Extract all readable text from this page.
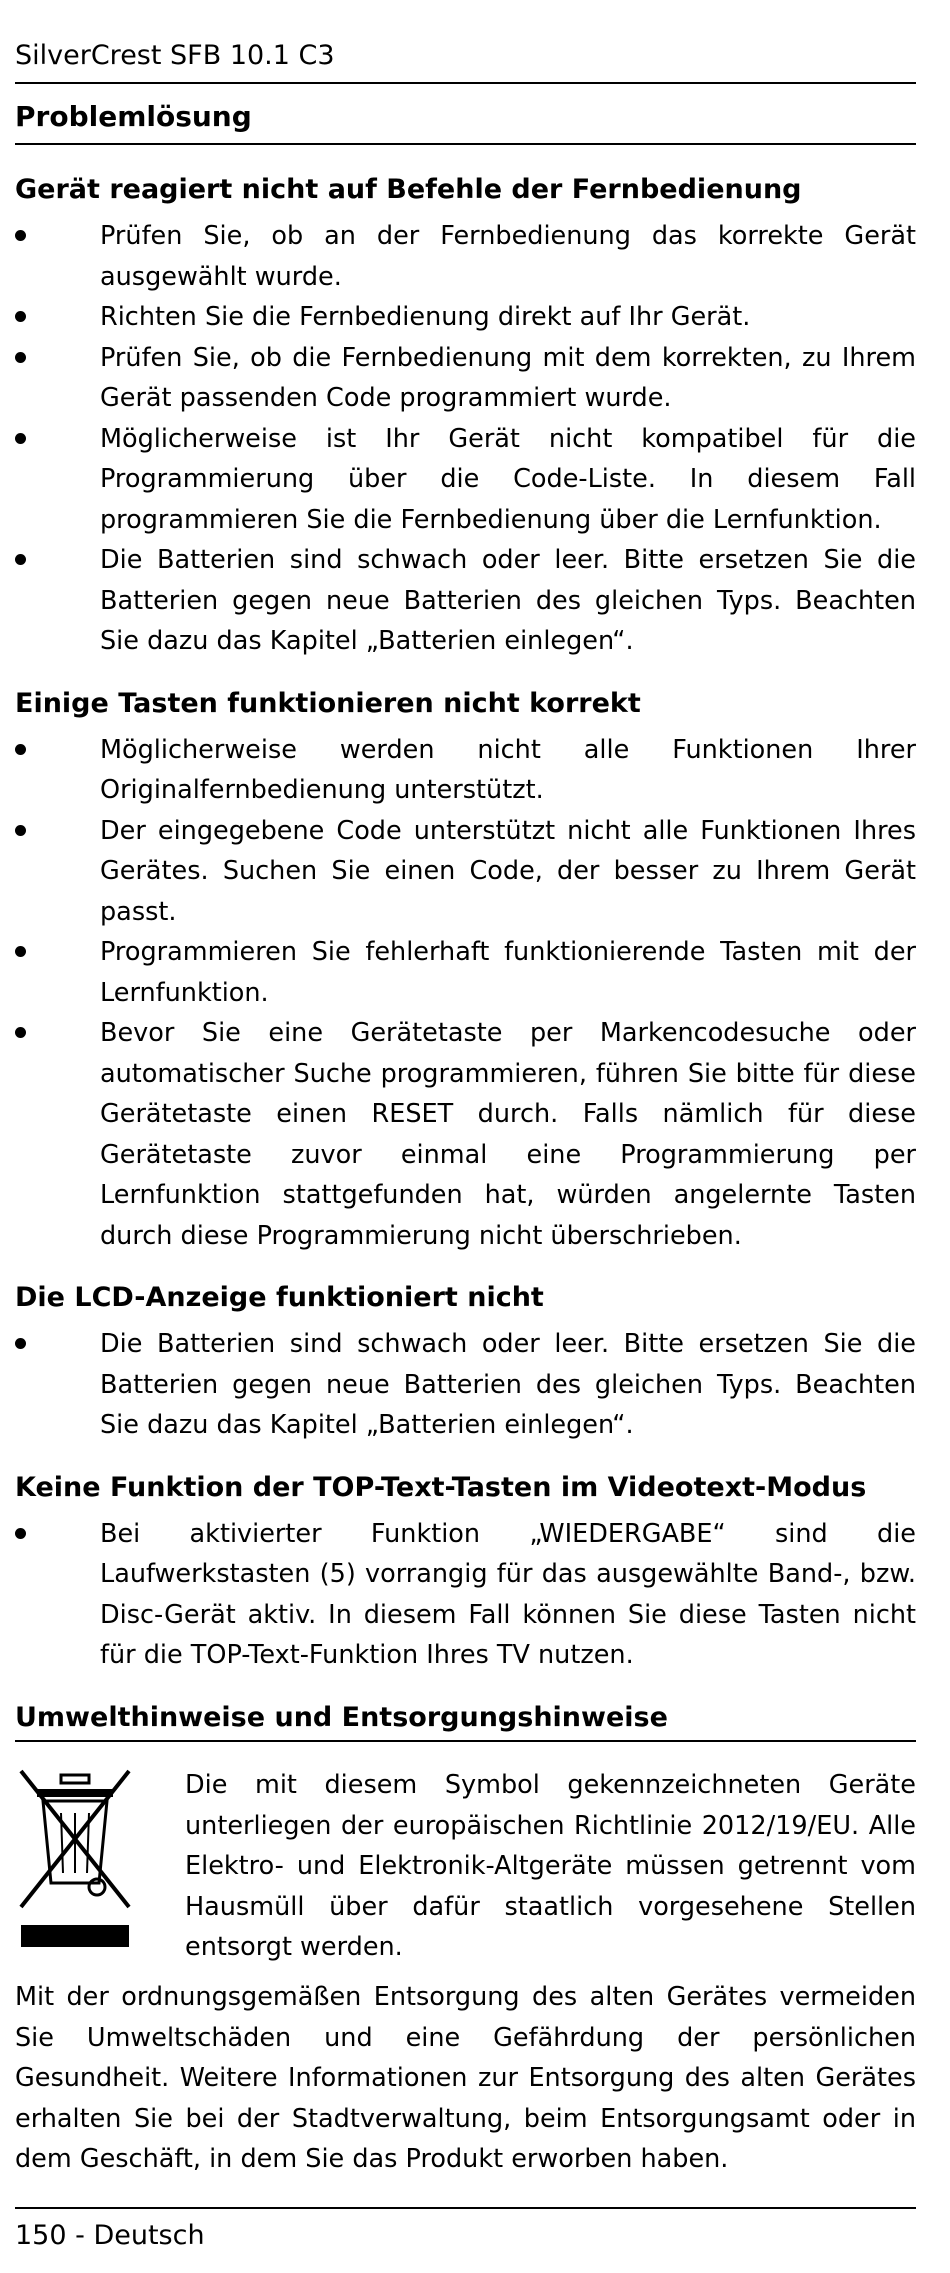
SilverCrest SFB 10.1 C3
Problemlösung
Gerät reagiert nicht auf Befehle der Fernbedienung
Prüfen Sie, ob an der Fernbedienung das korrekte Gerät ausgewählt wurde.
Richten Sie die Fernbedienung direkt auf Ihr Gerät.
Prüfen Sie, ob die Fernbedienung mit dem korrekten, zu Ihrem Gerät passenden Code programmiert wurde.
Möglicherweise ist Ihr Gerät nicht kompatibel für die Programmierung über die Code-Liste. In diesem Fall programmieren Sie die Fernbedienung über die Lernfunktion.
Die Batterien sind schwach oder leer. Bitte ersetzen Sie die Batterien gegen neue Batterien des gleichen Typs. Beachten Sie dazu das Kapitel „Batterien einlegen“.
Einige Tasten funktionieren nicht korrekt
Möglicherweise werden nicht alle Funktionen Ihrer Originalfernbedienung unterstützt.
Der eingegebene Code unterstützt nicht alle Funktionen Ihres Gerätes. Suchen Sie einen Code, der besser zu Ihrem Gerät passt.
Programmieren Sie fehlerhaft funktionierende Tasten mit der Lernfunktion.
Bevor Sie eine Gerätetaste per Markencodesuche oder automatischer Suche programmieren, führen Sie bitte für diese Gerätetaste einen RESET durch. Falls nämlich für diese Gerätetaste zuvor einmal eine Programmierung per Lernfunktion stattgefunden hat, würden angelernte Tasten durch diese Programmierung nicht überschrieben.
Die LCD-Anzeige funktioniert nicht
Die Batterien sind schwach oder leer. Bitte ersetzen Sie die Batterien gegen neue Batterien des gleichen Typs. Beachten Sie dazu das Kapitel „Batterien einlegen“.
Keine Funktion der TOP-Text-Tasten im Videotext-Modus
Bei aktivierter Funktion „WIEDERGABE“ sind die Laufwerkstasten (5) vorrangig für das ausgewählte Band-, bzw. Disc-Gerät aktiv. In diesem Fall können Sie diese Tasten nicht für die TOP-Text-Funktion Ihres TV nutzen.
Umwelthinweise und Entsorgungshinweise
Die mit diesem Symbol gekennzeichneten Geräte unterliegen der europäischen Richtlinie 2012/19/EU. Alle Elektro- und Elektronik-Altgeräte müssen getrennt vom Hausmüll über dafür staatlich vorgesehene Stellen entsorgt werden.
Mit der ordnungsgemäßen Entsorgung des alten Gerätes vermeiden Sie Umweltschäden und eine Gefährdung der persönlichen Gesundheit. Weitere Informationen zur Entsorgung des alten Gerätes erhalten Sie bei der Stadtverwaltung, beim Entsorgungsamt oder in dem Geschäft, in dem Sie das Produkt erworben haben.
150 - Deutsch
